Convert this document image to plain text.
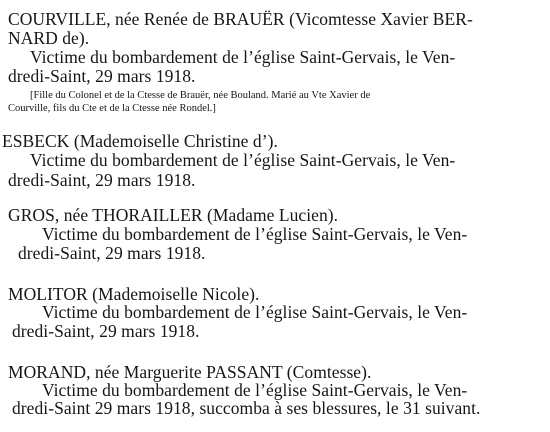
COURVILLE, née Renée de BRAUËR (Vicomtesse Xavier BER-
NARD de).
Victime du bombardement de l’église Saint-Gervais, le Ven-
dredi-Saint, 29 mars 1918.
[Fille du Colonel et de la Ctesse de Brauër, née Bouland. Marié au Vte Xavier de
Courville, fils du Cte et de la Ctesse née Rondel.]
ESBECK (Mademoiselle Christine d’).
Victime du bombardement de l’église Saint-Gervais, le Ven-
dredi-Saint, 29 mars 1918.
GROS, née THORAILLER (Madame Lucien).
Victime du bombardement de l’église Saint-Gervais, le Ven-
dredi-Saint, 29 mars 1918.
MOLITOR (Mademoiselle Nicole).
Victime du bombardement de l’église Saint-Gervais, le Ven-
dredi-Saint, 29 mars 1918.
MORAND, née Marguerite PASSANT (Comtesse).
Victime du bombardement de l’église Saint-Gervais, le Ven-
dredi-Saint 29 mars 1918, succomba à ses blessures, le 31 suivant.
